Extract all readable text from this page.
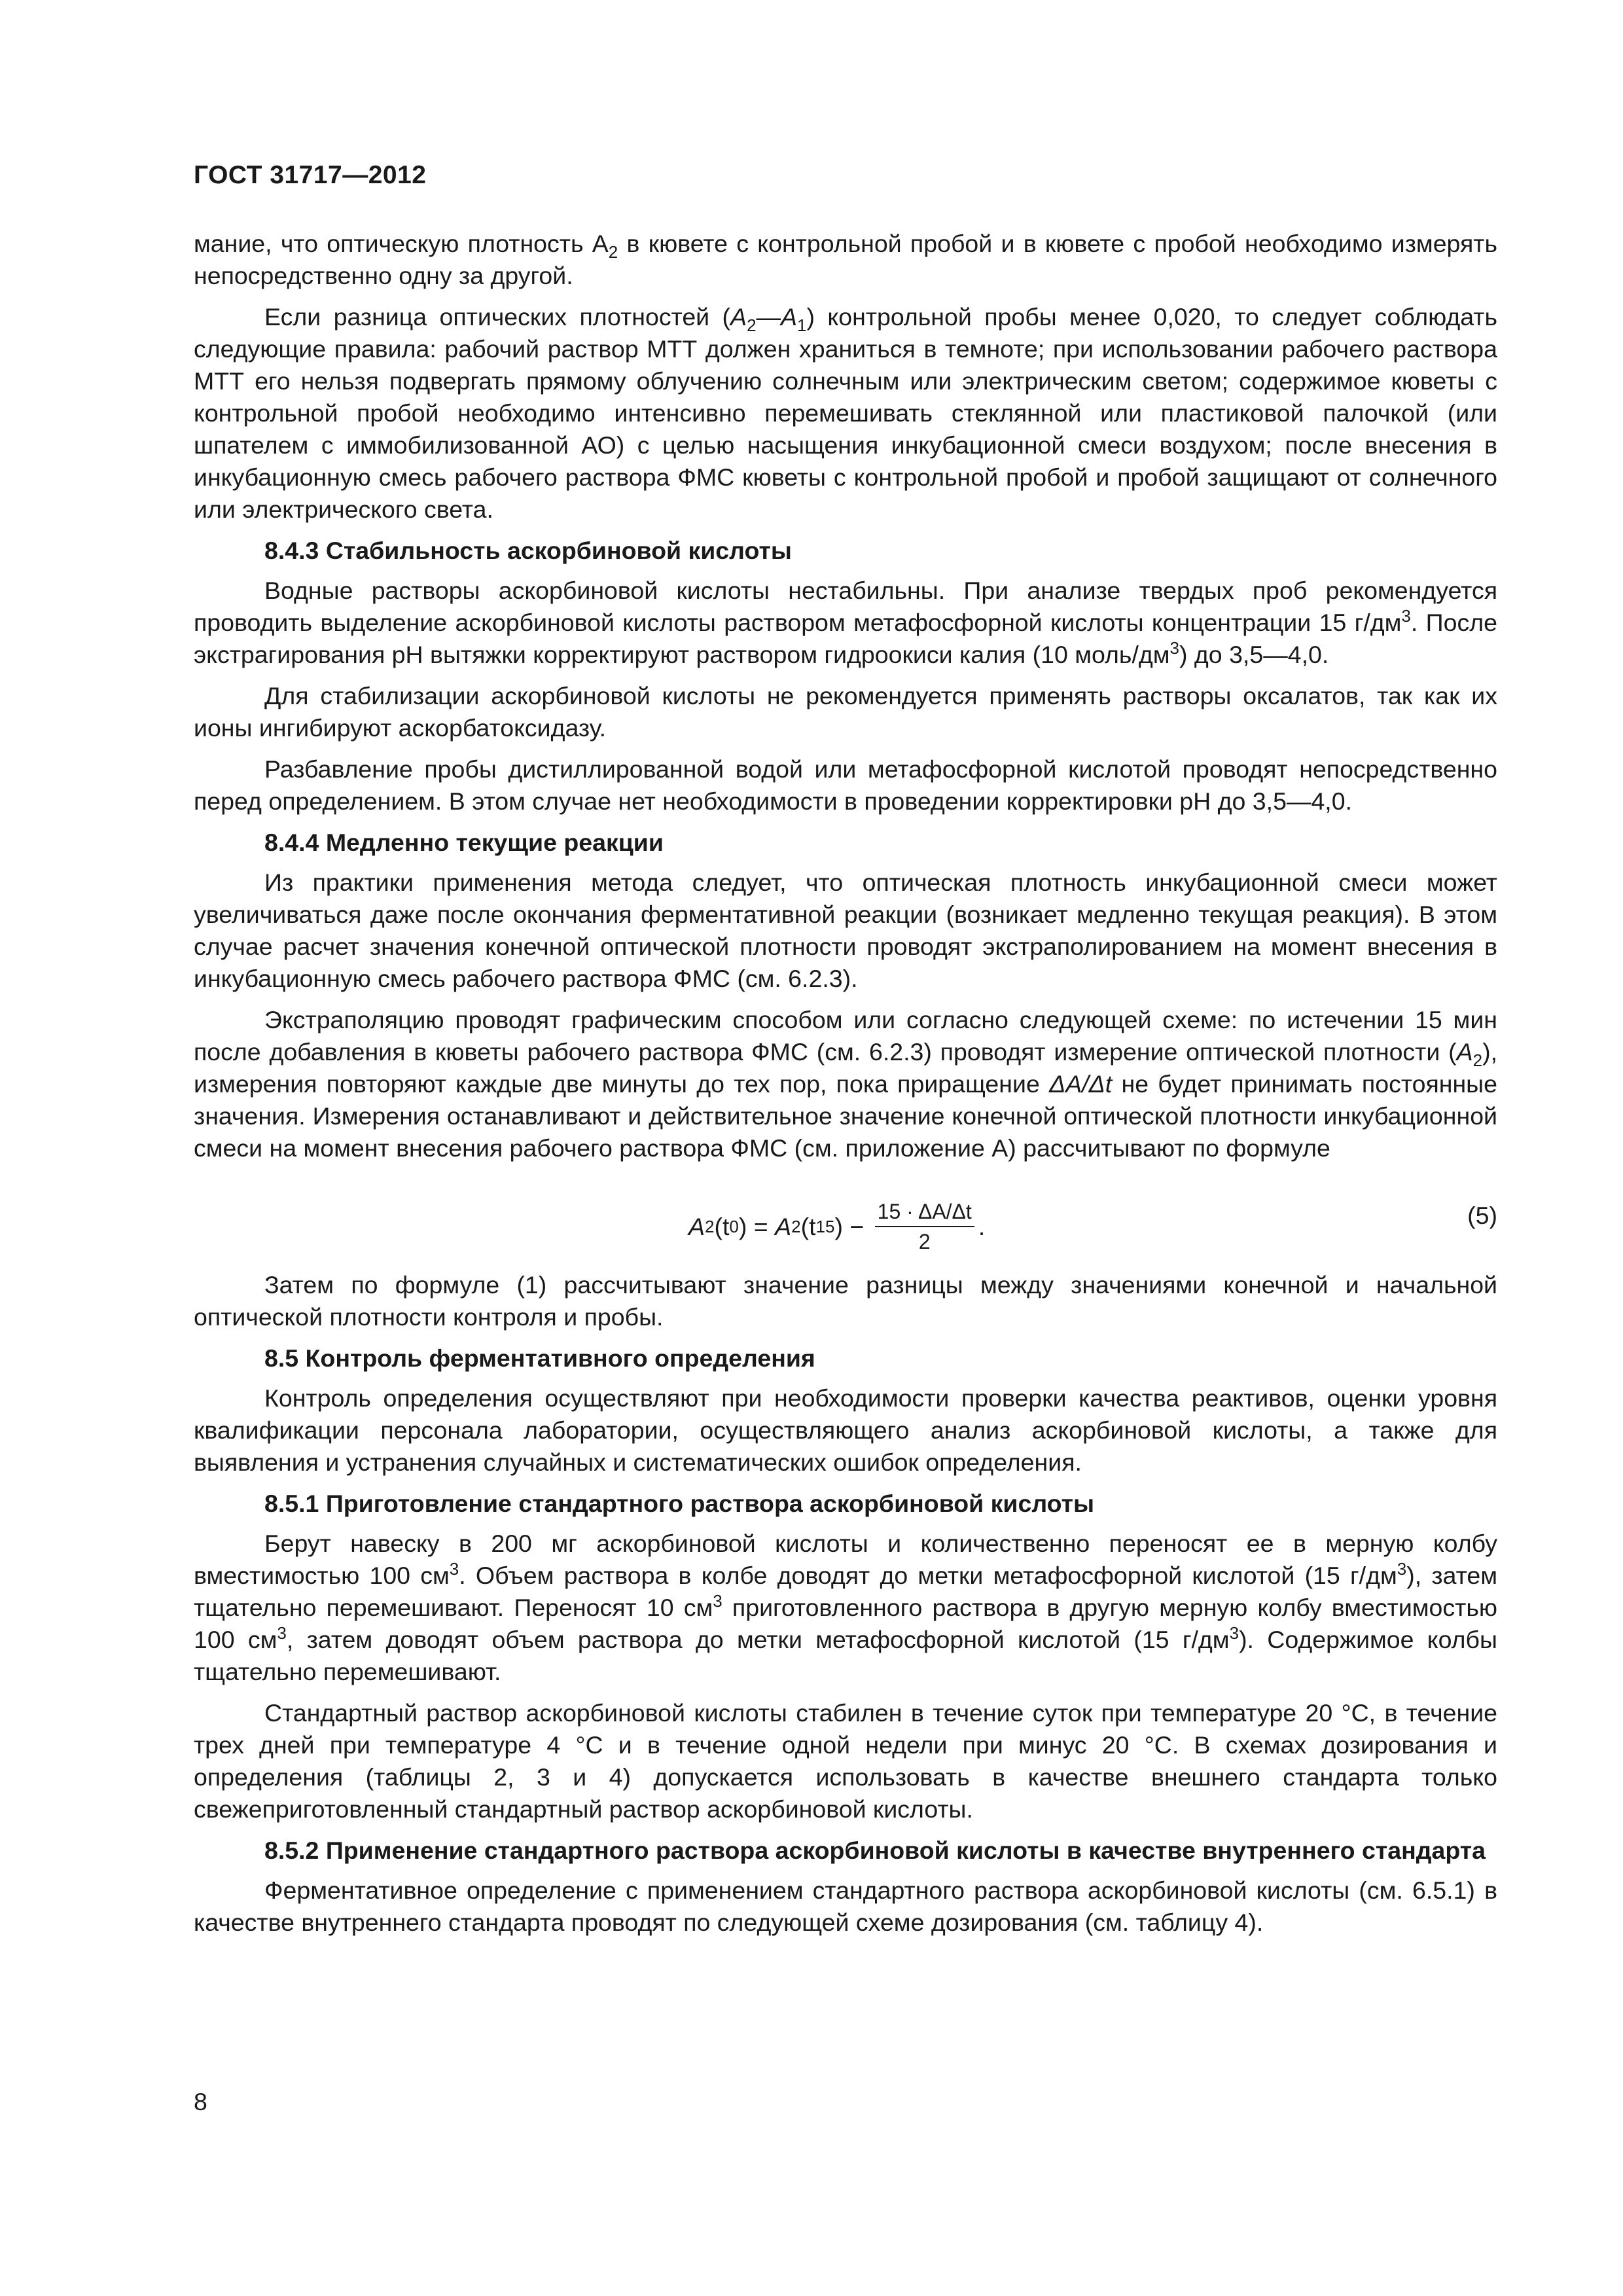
ГОСТ 31717—2012

мание, что оптическую плотность $A_2$ в кювете с контрольной пробой и в кювете с пробой необходимо измерять непосредственно одну за другой.

Если разница оптических плотностей $(A_2—A_1)$ контрольной пробы менее 0,020, то следует соблюдать следующие правила: рабочий раствор МТТ должен храниться в темноте; при использовании рабочего раствора МТТ его нельзя подвергать прямому облучению солнечным или электрическим светом; содержимое кюветы с контрольной пробой необходимо интенсивно перемешивать стеклянной или пластиковой палочкой (или шпателем с иммобилизованной АО) с целью насыщения инкубационной смеси воздухом; после внесения в инкубационную смесь рабочего раствора ФМС кюветы с контрольной пробой и пробой защищают от солнечного или электрического света.

8.4.3 Стабильность аскорбиновой кислоты

Водные растворы аскорбиновой кислоты нестабильны. При анализе твердых проб рекомендуется проводить выделение аскорбиновой кислоты раствором метафосфорной кислоты концентрации 15 $г/дм^3$. После экстрагирования pH вытяжки корректируют раствором гидроокиси калия (10 моль/$дм^3$) до 3,5—4,0.

Для стабилизации аскорбиновой кислоты не рекомендуется применять растворы оксалатов, так как их ионы ингибируют аскорбатоксидазу.

Разбавление пробы дистиллированной водой или метафосфорной кислотой проводят непосредственно перед определением. В этом случае нет необходимости в проведении корректировки pH до 3,5—4,0.

8.4.4 Медленно текущие реакции

Из практики применения метода следует, что оптическая плотность инкубационной смеси может увеличиваться даже после окончания ферментативной реакции (возникает медленно текущая реакция). В этом случае расчет значения конечной оптической плотности проводят экстраполированием на момент внесения в инкубационную смесь рабочего раствора ФМС (см. 6.2.3).

Экстраполяцию проводят графическим способом или согласно следующей схеме: по истечении 15 мин после добавления в кюветы рабочего раствора ФМС (см. 6.2.3) проводят измерение оптической плотности $(A_2)$, измерения повторяют каждые две минуты до тех пор, пока приращение ΔA/Δt не будет принимать постоянные значения. Измерения останавливают и действительное значение конечной оптической плотности инкубационной смеси на момент внесения рабочего раствора ФМС (см. приложение А) рассчитывают по формуле

A 2 (t 0 ) = A 2 (t 15 ) − $\frac{15 \cdot \Delta A/\Delta t}{2}$ .	(5)

Затем по формуле (1) рассчитывают значение разницы между значениями конечной и начальной оптической плотности контроля и пробы.

8.5 Контроль ферментативного определения

Контроль определения осуществляют при необходимости проверки качества реактивов, оценки уровня квалификации персонала лаборатории, осуществляющего анализ аскорбиновой кислоты, а также для выявления и устранения случайных и систематических ошибок определения.

8.5.1 Приготовление стандартного раствора аскорбиновой кислоты

Берут навеску в 200 мг аскорбиновой кислоты и количественно переносят ее в мерную колбу вместимостью 100 $см^3$. Объем раствора в колбе доводят до метки метафосфорной кислотой (15 $г/дм^3$), затем тщательно перемешивают. Переносят 10 $см^3$ приготовленного раствора в другую мерную колбу вместимостью 100 $см^3$, затем доводят объем раствора до метки метафосфорной кислотой (15 $г/дм^3$). Содержимое колбы тщательно перемешивают.

Стандартный раствор аскорбиновой кислоты стабилен в течение суток при температуре 20 °С, в течение трех дней при температуре 4 °С и в течение одной недели при минус 20 °С. В схемах дозирования и определения (таблицы 2, 3 и 4) допускается использовать в качестве внешнего стандарта только свежеприготовленный стандартный раствор аскорбиновой кислоты.

8.5.2 Применение стандартного раствора аскорбиновой кислоты в качестве внутреннего стандарта

Ферментативное определение с применением стандартного раствора аскорбиновой кислоты (см. 6.5.1) в качестве внутреннего стандарта проводят по следующей схеме дозирования (см. таблицу 4).

8
